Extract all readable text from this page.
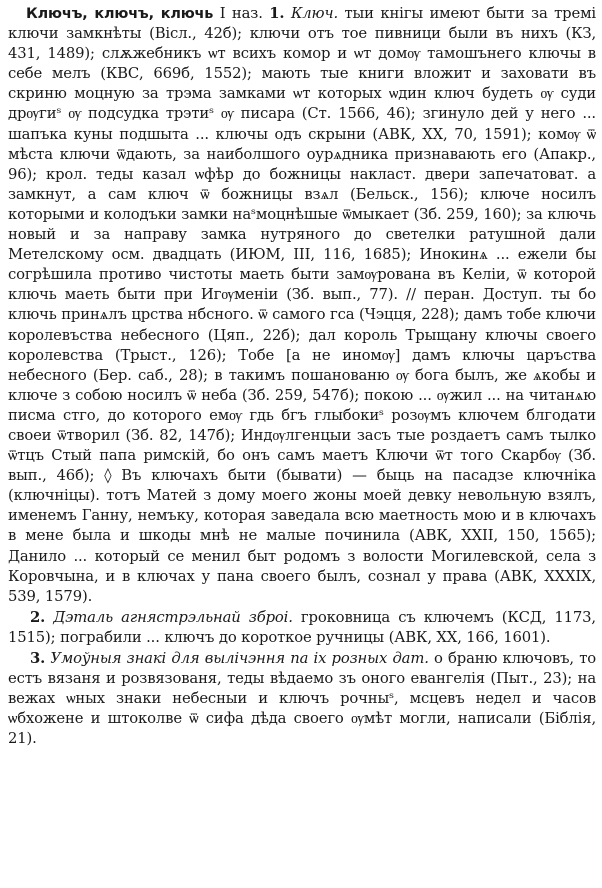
Ключъ, ключъ, ключь I наз. 1. Ключ. тыи кнігы имеют быти за тремі ключи замкнѣты (Вісл., 42б); ключи отъ тое пивници были въ нихъ (КЗ, 431, 1489); слѫжебникъ ѡт всихъ комор и ѡт домѹ тамошънего ключы в себе мелъ (КВС, 669б, 1552); мають тые книги вложит и заховати въ скриню моцную за трэма замками ѡт которых ѡдин ключ будеть ѹ суди дрѹгиˢ ѹ подсудка трэтиˢ ѹ писара (Ст. 1566, 46); згинуло дей у него ... шапъка куны подшыта ... ключы одъ скрыни (АВК, XX, 70, 1591); комѹ ѿ мѣста ключи ѿдають, за наиболшого оурѧдника признавають его (Апакр., 96); крол. теды казал ѡфѣр до божницы накласт. двери запечатоват. а замкнут, а сам ключ ѿ божницы взѧл (Бельск., 156); ключе носилъ которыми и колодъки замки наˢмоцнѣшые ѿмыкает (Зб. 259, 160); за ключь новый и за направу замка нутряного до светелки ратушной дали Метелскому осм. двадцать (ИЮМ, III, 116, 1685); Инокинѧ ... ежели бы согрѣшила противо чистоты маеть быти замѹрована въ Келіи, ѿ которой ключь маеть быти при Игѹменіи (Зб. вып., 77). // перан. Доступ. ты бо ключь принѧлъ црства нбсного. ѿ самого гса (Чэцця, 228); дамъ тобе ключи королевъства небесного (Цяп., 22б); дал король Трыщану ключы своего королевства (Трыст., 126); Тобе [а не иномѹ] дамъ ключы царъства небесного (Бер. саб., 28); в такимъ пошанованю ѹ бога былъ, же ѧкобы и ключе з собою носилъ ѿ неба (Зб. 259, 547б); покою ... ѹжил ... на читанѧю писма стго, до которого емѹ гдь бгъ глыбокиˢ розѹмъ ключем блгодати своеи ѿтворил (Зб. 82, 147б); Индѹлгенцыи засъ тые роздаетъ самъ тылко ѿтцъ Стый папа римскій, бо онъ самъ маетъ Ключи ѿт того Скарбѹ (Зб. вып., 46б); ◊ Въ ключахъ быти (бывати) — быць на пасадзе ключніка (ключніцы). тотъ Матей з дому моего жоны моей девку невольную взялъ, именемъ Ганну, немъку, которая заведала всю маетность мою и в ключахъ в мене была и шкоды мнѣ не малые починила (АВК, XXII, 150, 1565); Данило ... который се менил быт родомъ з волости Могилевской, села з Коровчына, и в ключах у пана своего былъ, сознал у права (АВК, XXXIX, 539, 1579).

2. Дэталь агнястрэльнай зброі. гроковница съ ключемъ (КСД, 1173, 1515); пограбили ... ключъ до короткое ручницы (АВК, XX, 166, 1601).

3. Умоўныя знакі для вылічэння па іх розных дат. о браню ключовъ, то естъ вязаня и розвязованя, теды вѣдаемо зъ оного евангелія (Пыт., 23); на вежах ѡных знаки небесныи и ключъ рочныˢ, мсцевъ недел и часов ѡбхожене и штоколве ѿ сифа дѣда своего ѹмѣт могли, написали (Біблія, 21).
